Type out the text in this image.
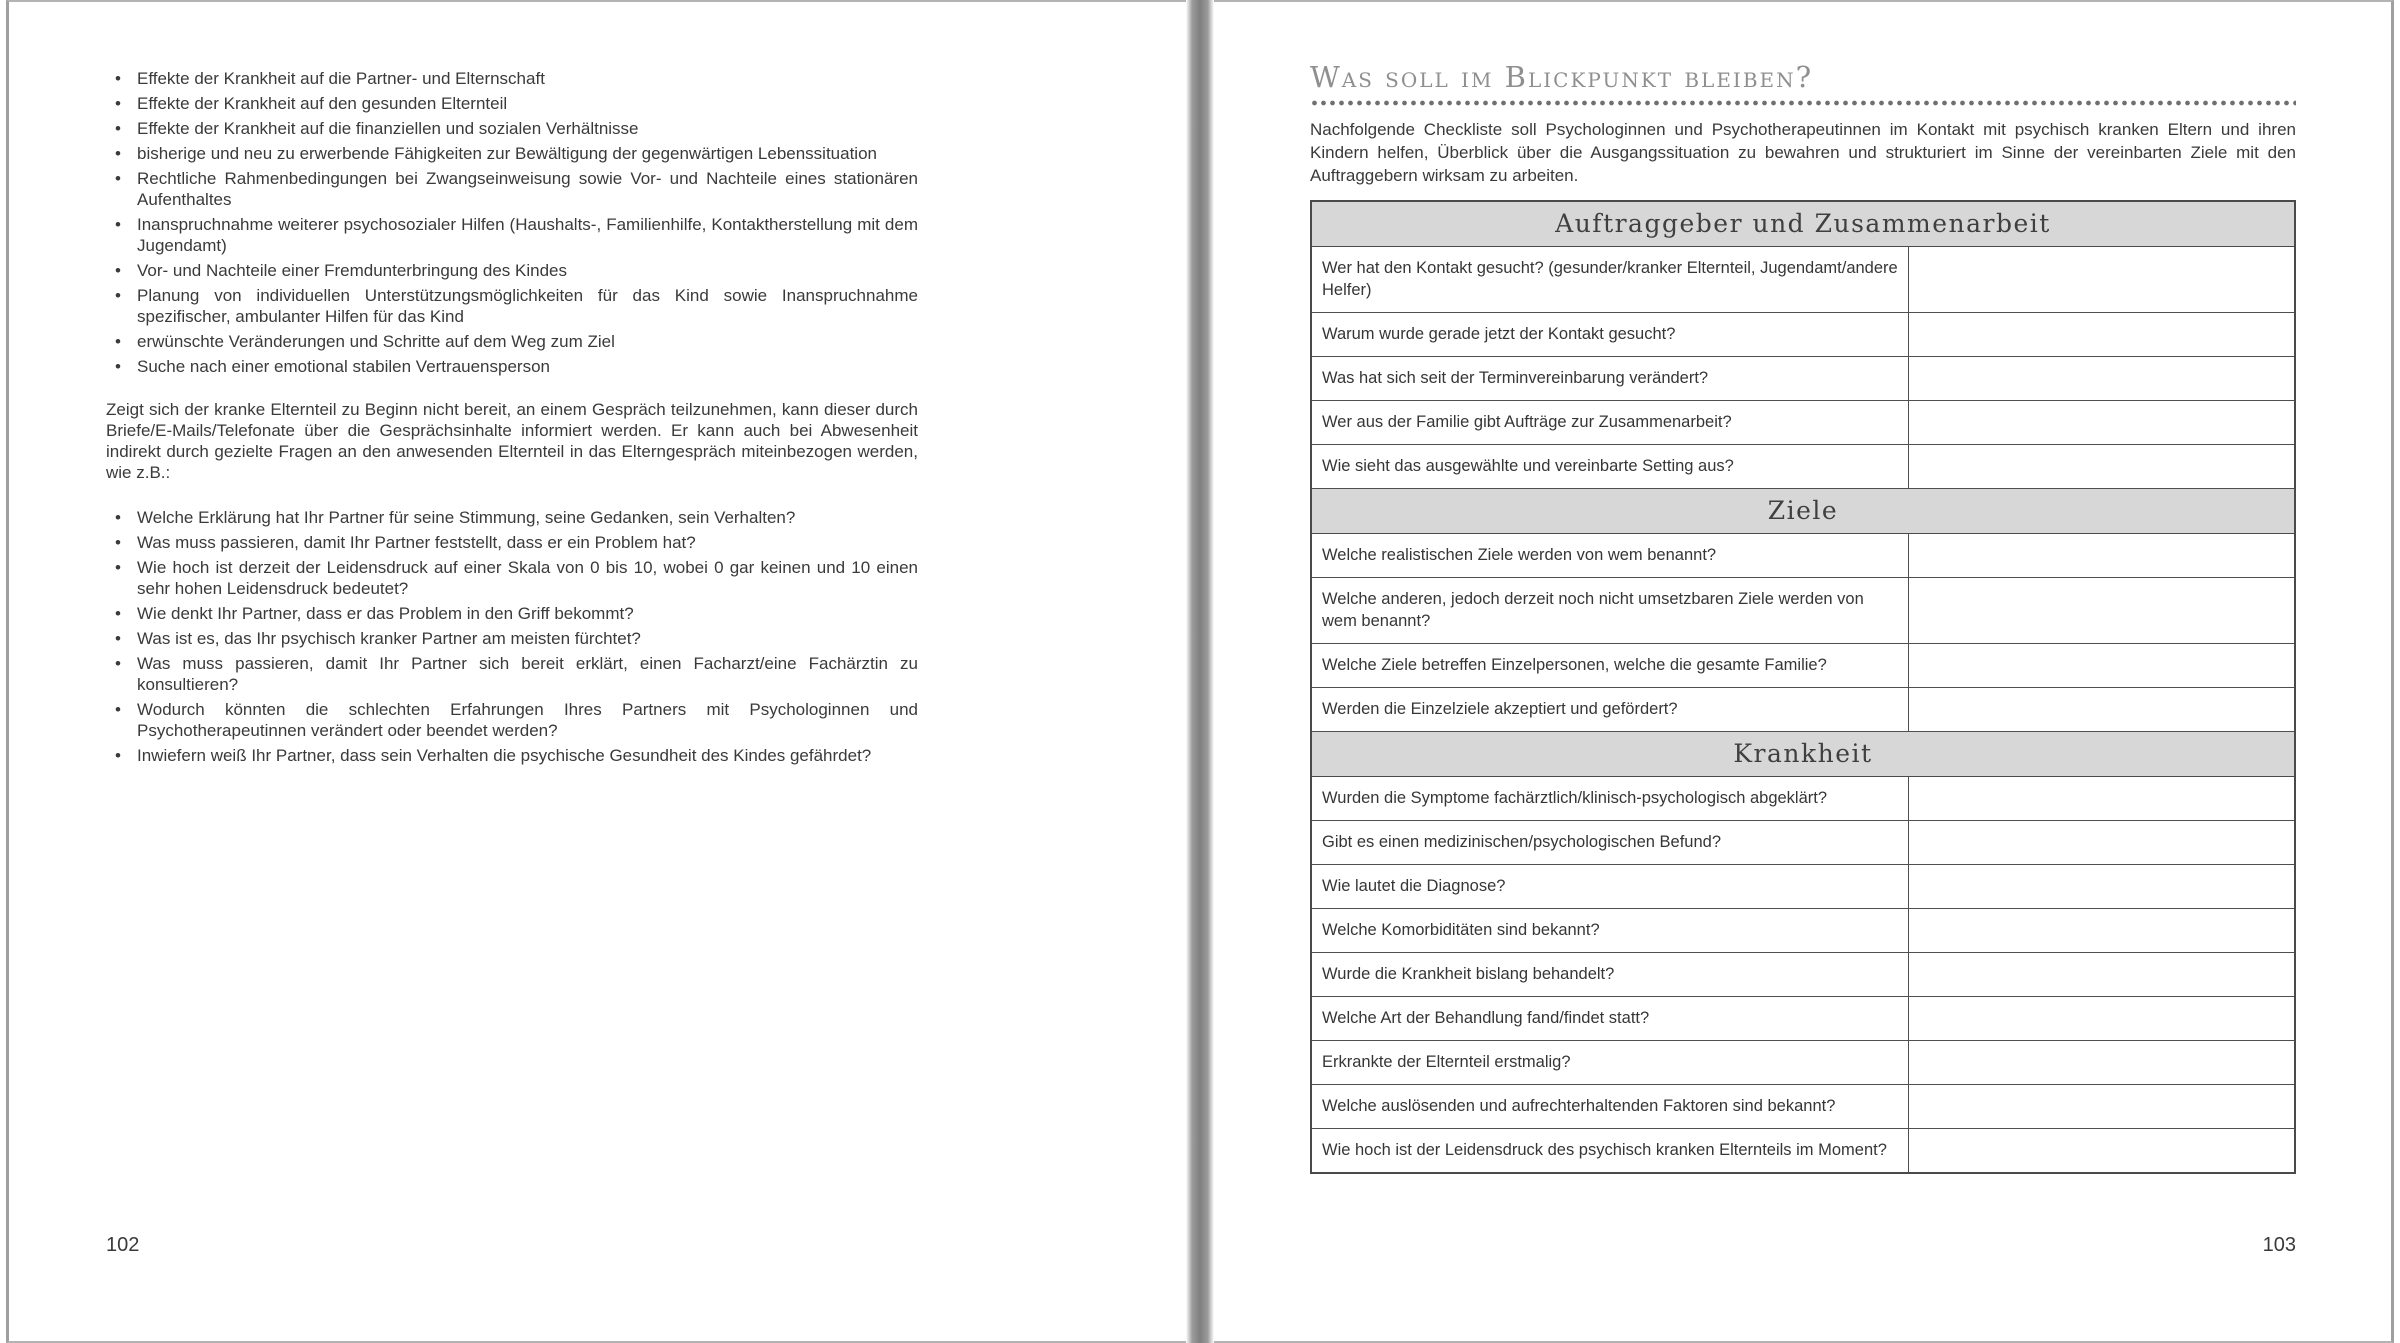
• Effekte der Krankheit auf die Partner- und Elternschaft
• Effekte der Krankheit auf den gesunden Elternteil
• Effekte der Krankheit auf die finanziellen und sozialen Verhältnisse
• bisherige und neu zu erwerbende Fähigkeiten zur Bewältigung der gegenwärtigen Lebenssituation
• Rechtliche Rahmenbedingungen bei Zwangseinweisung sowie Vor- und Nachteile eines stationären Aufenthaltes
• Inanspruchnahme weiterer psychosozialer Hilfen (Haushalts-, Familienhilfe, Kontaktherstellung mit dem Jugendamt)
• Vor- und Nachteile einer Fremdunterbringung des Kindes
• Planung von individuellen Unterstützungsmöglichkeiten für das Kind sowie Inanspruchnahme spezifischer, ambulanter Hilfen für das Kind
• erwünschte Veränderungen und Schritte auf dem Weg zum Ziel
• Suche nach einer emotional stabilen Vertrauensperson

Zeigt sich der kranke Elternteil zu Beginn nicht bereit, an einem Gespräch teilzunehmen, kann dieser durch Briefe/E-Mails/Telefonate über die Gesprächsinhalte informiert werden. Er kann auch bei Abwesenheit indirekt durch gezielte Fragen an den anwesenden Elternteil in das Elterngespräch miteinbezogen werden, wie z.B.:

• Welche Erklärung hat Ihr Partner für seine Stimmung, seine Gedanken, sein Verhalten?
• Was muss passieren, damit Ihr Partner feststellt, dass er ein Problem hat?
• Wie hoch ist derzeit der Leidensdruck auf einer Skala von 0 bis 10, wobei 0 gar keinen und 10 einen sehr hohen Leidensdruck bedeutet?
• Wie denkt Ihr Partner, dass er das Problem in den Griff bekommt?
• Was ist es, das Ihr psychisch kranker Partner am meisten fürchtet?
• Was muss passieren, damit Ihr Partner sich bereit erklärt, einen Facharzt/eine Fachärztin zu konsultieren?
• Wodurch könnten die schlechten Erfahrungen Ihres Partners mit Psychologinnen und Psychotherapeutinnen verändert oder beendet werden?
• Inwiefern weiß Ihr Partner, dass sein Verhalten die psychische Gesundheit des Kindes gefährdet?
102
Was soll im Blickpunkt bleiben?

Nachfolgende Checkliste soll Psychologinnen und Psychotherapeutinnen im Kontakt mit psychisch kranken Eltern und ihren Kindern helfen, Überblick über die Ausgangssituation zu bewahren und strukturiert im Sinne der vereinbarten Ziele mit den Auftraggebern wirksam zu arbeiten.

Auftraggeber und Zusammenarbeit
Wer hat den Kontakt gesucht? (gesunder/kranker Elternteil, Jugendamt/andere Helfer)
Warum wurde gerade jetzt der Kontakt gesucht?
Was hat sich seit der Terminvereinbarung verändert?
Wer aus der Familie gibt Aufträge zur Zusammenarbeit?
Wie sieht das ausgewählte und vereinbarte Setting aus?
Ziele
Welche realistischen Ziele werden von wem benannt?
Welche anderen, jedoch derzeit noch nicht umsetzbaren Ziele werden von wem benannt?
Welche Ziele betreffen Einzelpersonen, welche die gesamte Familie?
Werden die Einzelziele akzeptiert und gefördert?
Krankheit
Wurden die Symptome fachärztlich/klinisch-psychologisch abgeklärt?
Gibt es einen medizinischen/psychologischen Befund?
Wie lautet die Diagnose?
Welche Komorbiditäten sind bekannt?
Wurde die Krankheit bislang behandelt?
Welche Art der Behandlung fand/findet statt?
Erkrankte der Elternteil erstmalig?
Welche auslösenden und aufrechterhaltenden Faktoren sind bekannt?
Wie hoch ist der Leidensdruck des psychisch kranken Elternteils im Moment?
103
